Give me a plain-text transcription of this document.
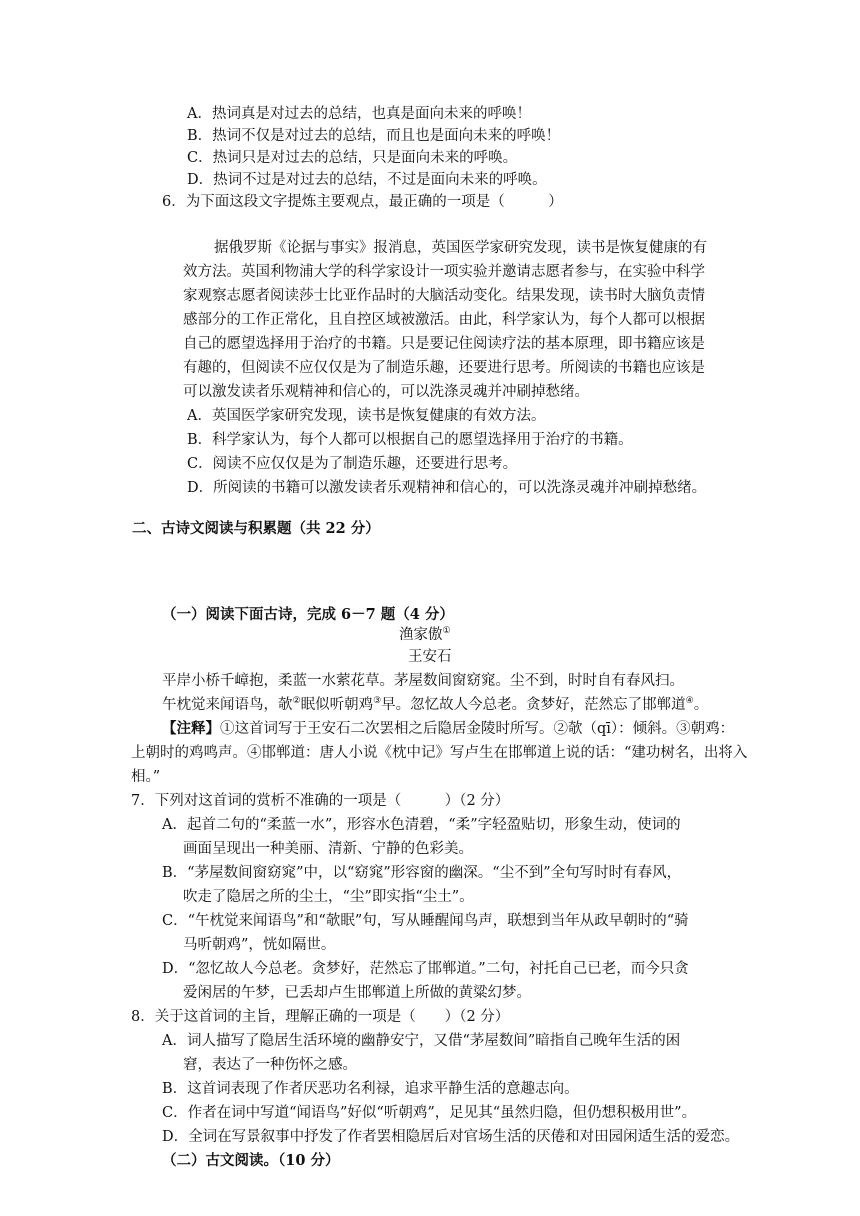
A．热词真是对过去的总结，也真是面向未来的呼唤！
B．热词不仅是对过去的总结，而且也是面向未来的呼唤！
C．热词只是对过去的总结，只是面向未来的呼唤。
D．热词不过是对过去的总结，不过是面向未来的呼唤。
6．为下面这段文字提炼主要观点，最正确的一项是（　　　）
据俄罗斯《论据与事实》报消息，英国医学家研究发现，读书是恢复健康的有
效方法。英国利物浦大学的科学家设计一项实验并邀请志愿者参与，在实验中科学
家观察志愿者阅读莎士比亚作品时的大脑活动变化。结果发现，读书时大脑负责情
感部分的工作正常化，且自控区域被激活。由此，科学家认为，每个人都可以根据
自己的愿望选择用于治疗的书籍。只是要记住阅读疗法的基本原理，即书籍应该是
有趣的，但阅读不应仅仅是为了制造乐趣，还要进行思考。所阅读的书籍也应该是
可以激发读者乐观精神和信心的，可以洗涤灵魂并冲刷掉愁绪。
A．英国医学家研究发现，读书是恢复健康的有效方法。
B．科学家认为，每个人都可以根据自己的愿望选择用于治疗的书籍。
C．阅读不应仅仅是为了制造乐趣，还要进行思考。
D．所阅读的书籍可以激发读者乐观精神和信心的，可以洗涤灵魂并冲刷掉愁绪。
二、古诗文阅读与积累题（共 22 分）
（一）阅读下面古诗，完成 6－7 题（4 分）
渔家傲①
王安石
平岸小桥千嶂抱，柔蓝一水萦花草。茅屋数间窗窈窕。尘不到，时时自有春风扫。
午枕觉来闻语鸟，欹②眠似听朝鸡③早。忽忆故人今总老。贪梦好，茫然忘了邯郸道④。
【注释】①这首词写于王安石二次罢相之后隐居金陵时所写。②欹（qī）：倾斜。③朝鸡：
上朝时的鸡鸣声。④邯郸道：唐人小说《枕中记》写卢生在邯郸道上说的话：“建功树名，出将入
相。”
7．下列对这首词的赏析不准确的一项是（　　　）（2 分）
A．起首二句的“柔蓝一水”，形容水色清碧，“柔”字轻盈贴切，形象生动，使词的
画面呈现出一种美丽、清新、宁静的色彩美。
B．“茅屋数间窗窈窕”中，以“窈窕”形容窗的幽深。“尘不到”全句写时时有春风，
吹走了隐居之所的尘土，“尘”即实指“尘土”。
C．“午枕觉来闻语鸟”和“欹眠”句，写从睡醒闻鸟声，联想到当年从政早朝时的“骑
马听朝鸡”，恍如隔世。
D．“忽忆故人今总老。贪梦好，茫然忘了邯郸道。”二句，衬托自己已老，而今只贪
爱闲居的午梦，已丢却卢生邯郸道上所做的黄粱幻梦。
8．关于这首词的主旨，理解正确的一项是（　　）（2 分）
A．词人描写了隐居生活环境的幽静安宁，又借“茅屋数间”暗指自己晚年生活的困
窘，表达了一种伤怀之感。
B．这首词表现了作者厌恶功名利禄，追求平静生活的意趣志向。
C．作者在词中写道“闻语鸟”好似“听朝鸡”，足见其“虽然归隐，但仍想积极用世”。
D．全词在写景叙事中抒发了作者罢相隐居后对官场生活的厌倦和对田园闲适生活的爱恋。
（二）古文阅读。（10 分）
